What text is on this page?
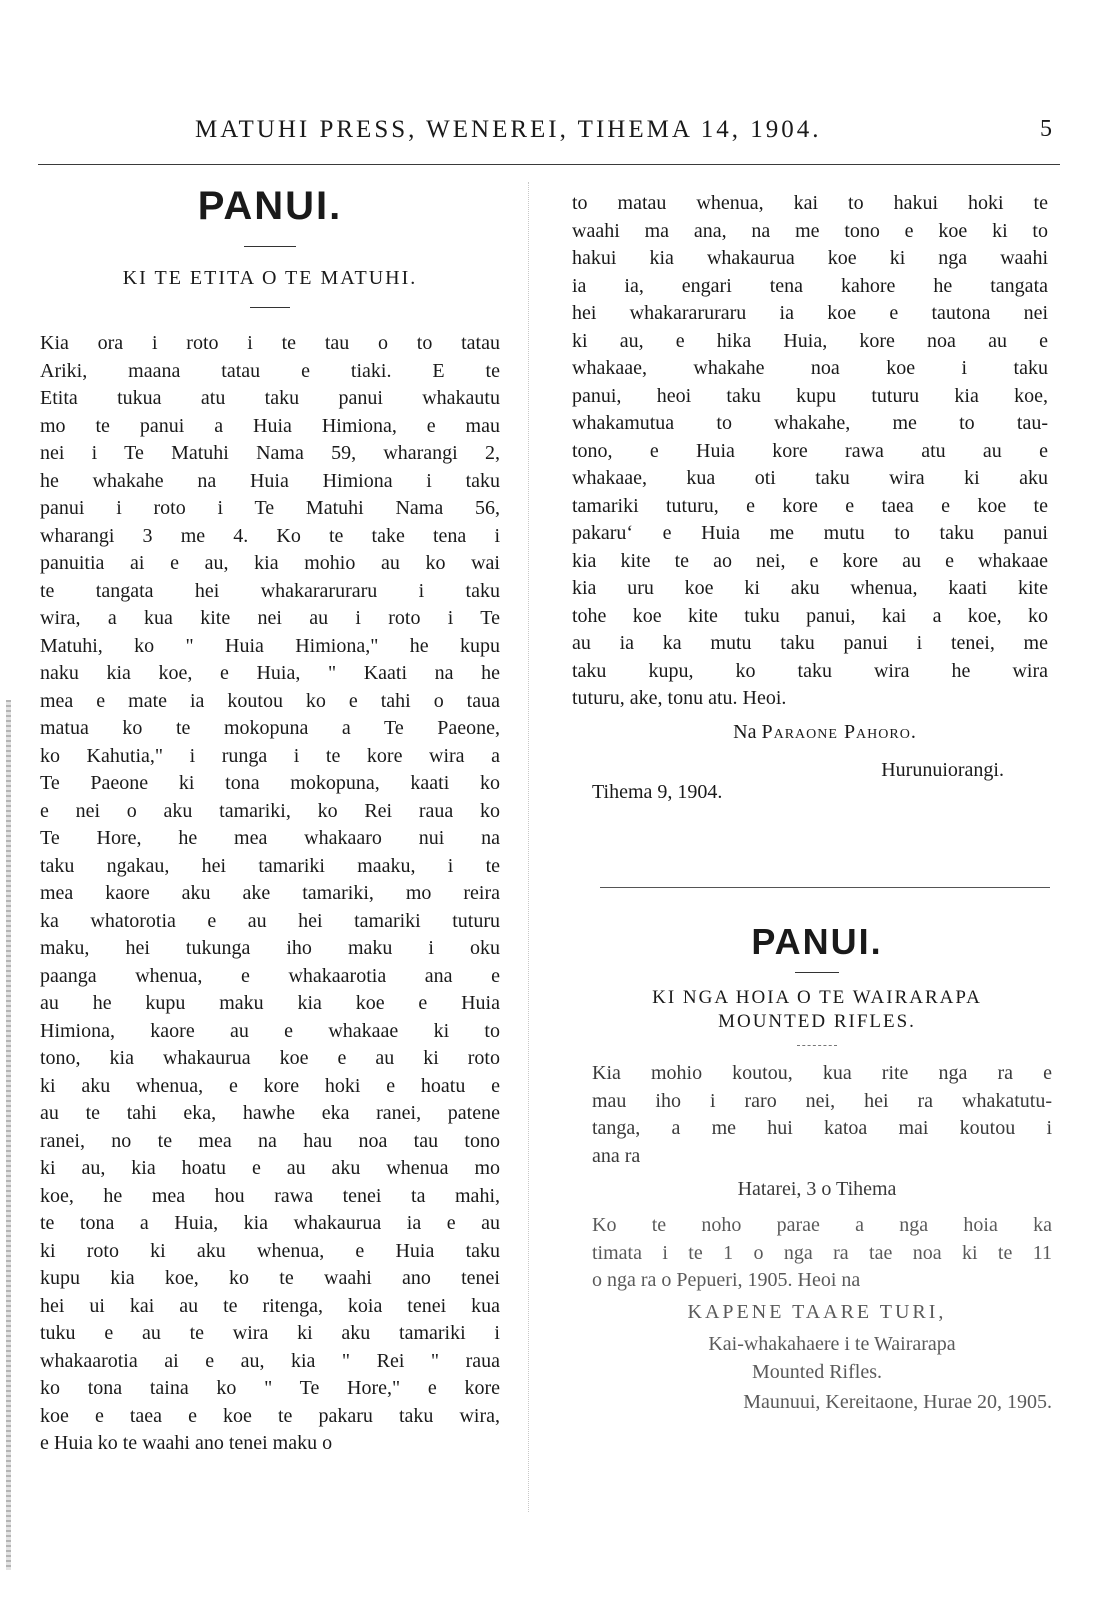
MATUHI PRESS, WENEREI, TIHEMA 14, 1904.	5
PANUI.
KI TE ETITA O TE MATUHI.
Kia ora i roto i te tau o to tatau
Ariki, maana tatau e tiaki. E te
Etita tukua atu taku panui whakautu
mo te panui a Huia Himiona, e mau
nei i Te Matuhi Nama 59, wharangi 2,
he whakahe na Huia Himiona i taku
panui i roto i Te Matuhi Nama 56,
wharangi 3 me 4. Ko te take tena i
panuitia ai e au, kia mohio au ko wai
te tangata hei whakararuraru i taku
wira, a kua kite nei au i roto i Te
Matuhi, ko " Huia Himiona," he kupu
naku kia koe, e Huia, " Kaati na he
mea e mate ia koutou ko e tahi o taua
matua ko te mokopuna a Te Paeone,
ko Kahutia," i runga i te kore wira a
Te Paeone ki tona mokopuna, kaati ko
e nei o aku tamariki, ko Rei raua ko
Te Hore, he mea whakaaro nui na
taku ngakau, hei tamariki maaku, i te
mea kaore aku ake tamariki, mo reira
ka whatorotia e au hei tamariki tuturu
maku, hei tukunga iho maku i oku
paanga whenua, e whakaarotia ana e
au he kupu maku kia koe e Huia
Himiona, kaore au e whakaae ki to
tono, kia whakaurua koe e au ki roto
ki aku whenua, e kore hoki e hoatu e
au te tahi eka, hawhe eka ranei, patene
ranei, no te mea na hau noa tau tono
ki au, kia hoatu e au aku whenua mo
koe, he mea hou rawa tenei ta mahi,
te tona a Huia, kia whakaurua ia e au
ki roto ki aku whenua, e Huia taku
kupu kia koe, ko te waahi ano tenei
hei ui kai au te ritenga, koia tenei kua
tuku e au te wira ki aku tamariki i
whakaarotia ai e au, kia " Rei " raua
ko tona taina ko " Te Hore," e kore
koe e taea e koe te pakaru taku wira,
e Huia ko te waahi ano tenei maku o
to matau whenua, kai to hakui hoki te
waahi ma ana, na me tono e koe ki to
hakui kia whakaurua koe ki nga waahi
ia ia, engari tena kahore he tangata
hei whakararuraru ia koe e tautona nei
ki au, e hika Huia, kore noa au e
whakaae, whakahe noa koe i taku
panui, heoi taku kupu tuturu kia koe,
whakamutua to whakahe, me to tau-
tono, e Huia kore rawa atu au e
whakaae, kua oti taku wira ki aku
tamariki tuturu, e kore e taea e koe te
pakaru‘ e Huia me mutu to taku panui
kia kite te ao nei, e kore au e whakaae
kia uru koe ki aku whenua, kaati kite
tohe koe kite tuku panui, kai a koe, ko
au ia ka mutu taku panui i tenei, me
taku kupu, ko taku wira he wira
tuturu, ake, tonu atu. Heoi.
Na Paraone Pahoro.
Hurunuiorangi.
Tihema 9, 1904.
PANUI.
KI NGA HOIA O TE WAIRARAPA
MOUNTED RIFLES.
Kia mohio koutou, kua rite nga ra e
mau iho i raro nei, hei ra whakatutu-
tanga, a me hui katoa mai koutou i
ana ra
Hatarei, 3 o Tihema
Ko te noho parae a nga hoia ka
timata i te 1 o nga ra tae noa ki te 11
o nga ra o Pepueri, 1905. Heoi na
KAPENE TAARE TURI,
Kai-whakahaere i te Wairarapa
Mounted Rifles.
Maunuui, Kereitaone, Hurae 20, 1905.
